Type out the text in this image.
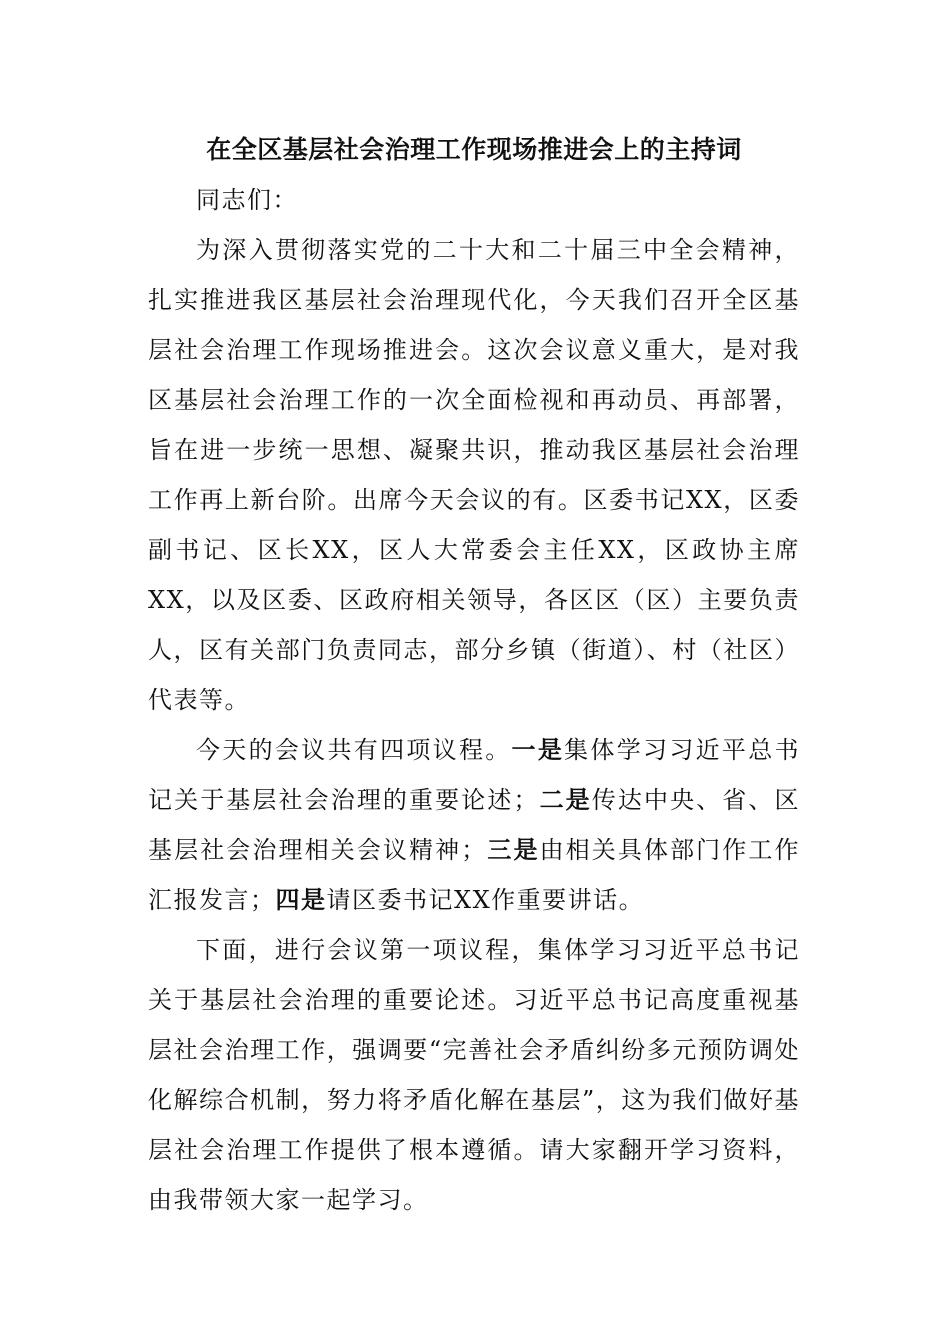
在全区基层社会治理工作现场推进会上的主持词

同志们：

为深入贯彻落实党的二十大和二十届三中全会精神，扎实推进我区基层社会治理现代化，今天我们召开全区基层社会治理工作现场推进会。这次会议意义重大，是对我区基层社会治理工作的一次全面检视和再动员、再部署，旨在进一步统一思想、凝聚共识，推动我区基层社会治理工作再上新台阶。出席今天会议的有。区委书记XX，区委副书记、区长XX，区人大常委会主任XX，区政协主席XX，以及区委、区政府相关领导，各区区（区）主要负责人，区有关部门负责同志，部分乡镇（街道）、村（社区）代表等。

今天的会议共有四项议程。一是集体学习习近平总书记关于基层社会治理的重要论述；二是传达中央、省、区基层社会治理相关会议精神；三是由相关具体部门作工作汇报发言；四是请区委书记XX作重要讲话。

下面，进行会议第一项议程，集体学习习近平总书记关于基层社会治理的重要论述。习近平总书记高度重视基层社会治理工作，强调要“完善社会矛盾纠纷多元预防调处化解综合机制，努力将矛盾化解在基层”，这为我们做好基层社会治理工作提供了根本遵循。请大家翻开学习资料，由我带领大家一起学习。
